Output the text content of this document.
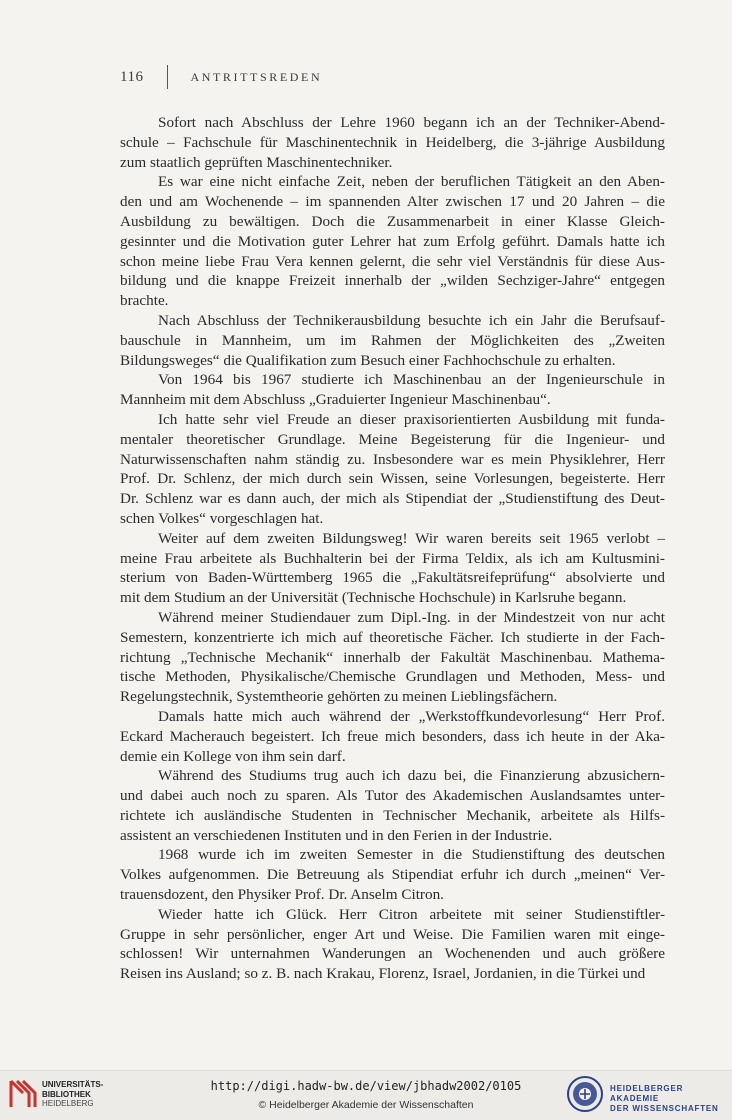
116	ANTRITTSREDEN
Sofort nach Abschluss der Lehre 1960 begann ich an der Techniker-Abend-
schule – Fachschule für Maschinentechnik in Heidelberg, die 3-jährige Ausbildung
zum staatlich geprüften Maschinentechniker.
Es war eine nicht einfache Zeit, neben der beruflichen Tätigkeit an den Aben-
den und am Wochenende – im spannenden Alter zwischen 17 und 20 Jahren – die
Ausbildung zu bewältigen. Doch die Zusammenarbeit in einer Klasse Gleich-
gesinnter und die Motivation guter Lehrer hat zum Erfolg geführt. Damals hatte ich
schon meine liebe Frau Vera kennen gelernt, die sehr viel Verständnis für diese Aus-
bildung und die knappe Freizeit innerhalb der „wilden Sechziger-Jahre“ entgegen
brachte.
Nach Abschluss der Technikerausbildung besuchte ich ein Jahr die Berufsauf-
bauschule in Mannheim, um im Rahmen der Möglichkeiten des „Zweiten
Bildungsweges“ die Qualifikation zum Besuch einer Fachhochschule zu erhalten.
Von 1964 bis 1967 studierte ich Maschinenbau an der Ingenieurschule in
Mannheim mit dem Abschluss „Graduierter Ingenieur Maschinenbau“.
Ich hatte sehr viel Freude an dieser praxisorientierten Ausbildung mit funda-
mentaler theoretischer Grundlage. Meine Begeisterung für die Ingenieur- und
Naturwissenschaften nahm ständig zu. Insbesondere war es mein Physiklehrer, Herr
Prof. Dr. Schlenz, der mich durch sein Wissen, seine Vorlesungen, begeisterte. Herr
Dr. Schlenz war es dann auch, der mich als Stipendiat der „Studienstiftung des Deut-
schen Volkes“ vorgeschlagen hat.
Weiter auf dem zweiten Bildungsweg! Wir waren bereits seit 1965 verlobt –
meine Frau arbeitete als Buchhalterin bei der Firma Teldix, als ich am Kultusmini-
sterium von Baden-Württemberg 1965 die „Fakultätsreifeprüfung“ absolvierte und
mit dem Studium an der Universität (Technische Hochschule) in Karlsruhe begann.
Während meiner Studiendauer zum Dipl.-Ing. in der Mindestzeit von nur acht
Semestern, konzentrierte ich mich auf theoretische Fächer. Ich studierte in der Fach-
richtung „Technische Mechanik“ innerhalb der Fakultät Maschinenbau. Mathema-
tische Methoden, Physikalische/Chemische Grundlagen und Methoden, Mess- und
Regelungstechnik, Systemtheorie gehörten zu meinen Lieblingsfächern.
Damals hatte mich auch während der „Werkstoffkundevorlesung“ Herr Prof.
Eckard Macherauch begeistert. Ich freue mich besonders, dass ich heute in der Aka-
demie ein Kollege von ihm sein darf.
Während des Studiums trug auch ich dazu bei, die Finanzierung abzusichern-
und dabei auch noch zu sparen. Als Tutor des Akademischen Auslandsamtes unter-
richtete ich ausländische Studenten in Technischer Mechanik, arbeitete als Hilfs-
assistent an verschiedenen Instituten und in den Ferien in der Industrie.
1968 wurde ich im zweiten Semester in die Studienstiftung des deutschen
Volkes aufgenommen. Die Betreuung als Stipendiat erfuhr ich durch „meinen“ Ver-
trauensdozent, den Physiker Prof. Dr. Anselm Citron.
Wieder hatte ich Glück. Herr Citron arbeitete mit seiner Studienstiftler-
Gruppe in sehr persönlicher, enger Art und Weise. Die Familien waren mit einge-
schlossen! Wir unternahmen Wanderungen an Wochenenden und auch größere
Reisen ins Ausland; so z. B. nach Krakau, Florenz, Israel, Jordanien, in die Türkei und
UNIVERSITÄTS-
BIBLIOTHEK
HEIDELBERG
http://digi.hadw-bw.de/view/jbhadw2002/0105
© Heidelberger Akademie der Wissenschaften
HEIDELBERGER AKADEMIE
DER WISSENSCHAFTEN
